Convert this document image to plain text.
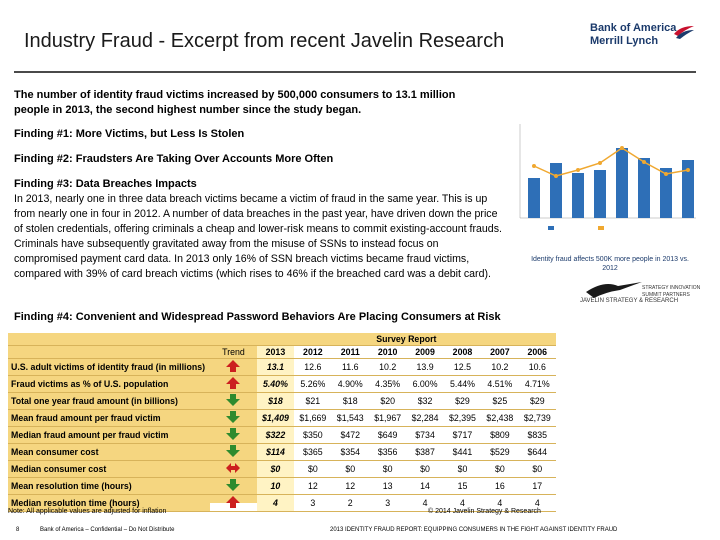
Industry Fraud - Excerpt from recent Javelin Research
Bank of America
Merrill Lynch
The number of identity fraud victims increased by 500,000 consumers to 13.1 million people in 2013, the second highest number since the study began.
Finding #1: More Victims, but Less Is Stolen
Finding #2: Fraudsters Are Taking Over Accounts More Often
Finding #3: Data Breaches Impacts
In 2013, nearly one in three data breach victims became a victim of fraud in the same year. This is up from nearly one in four in 2012. A number of data breaches in the past year, have driven down the price of stolen credentials, offering criminals a cheap and lower-risk means to commit existing-account frauds. Criminals have subsequently gravitated away from the misuse of SSNs to instead focus on compromised payment card data. In 2013 only 16% of SSN breach victims became fraud victims, compared with 39% of card breach victims (which rises to 46% if the breached card was a debit card).
Finding #4: Convenient and Widespread Password Behaviors Are Placing Consumers at Risk
Identity fraud affects 500K more people in 2013 vs. 2012
JAVELIN STRATEGY & RESEARCH
STRATEGY INNOVATION SUMMIT PARTNERS
		Survey Report							
	Trend	2013	2012	2011	2010	2009	2008	2007	2006
U.S. adult victims of identity fraud (in millions)		13.1	12.6	11.6	10.2	13.9	12.5	10.2	10.6
Fraud victims as % of U.S. population		5.40%	5.26%	4.90%	4.35%	6.00%	5.44%	4.51%	4.71%
Total one year fraud amount (in billions)		$18	$21	$18	$20	$32	$29	$25	$29
Mean fraud amount per fraud victim		$1,409	$1,669	$1,543	$1,967	$2,284	$2,395	$2,438	$2,739
Median fraud amount per fraud victim		$322	$350	$472	$649	$734	$717	$809	$835
Mean consumer cost		$114	$365	$354	$356	$387	$441	$529	$644
Median consumer cost		$0	$0	$0	$0	$0	$0	$0	$0
Mean resolution time (hours)		10	12	12	13	14	15	16	17
Median resolution time (hours)		4	3	2	3	4	4	4	4
Note: All applicable values are adjusted for inflation	© 2014 Javelin Strategy & Research
8	Bank of America – Confidential – Do Not Distribute	2013 IDENTITY FRAUD REPORT: EQUIPPING CONSUMERS IN THE FIGHT AGAINST IDENTITY FRAUD
